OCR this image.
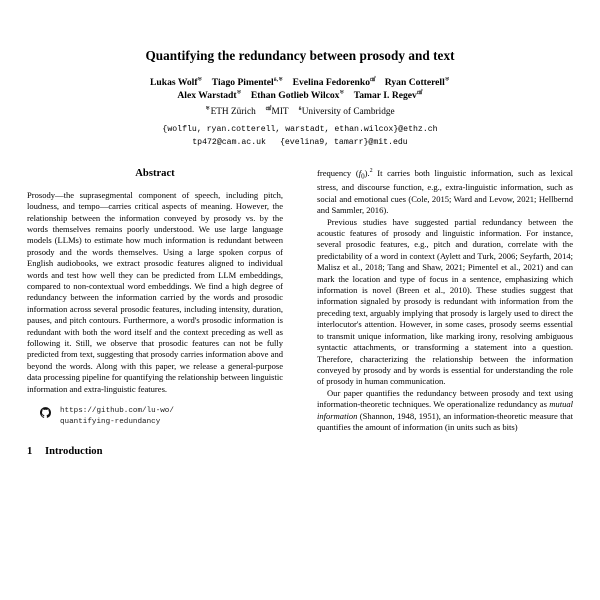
Quantifying the redundancy between prosody and text
Lukas Wolf♅ Tiago Pimentel$^{\delta,♅}$ Evelina Fedorenko㎠ Ryan Cotterell♅
Alex Warstadt♅ Ethan Gotlieb Wilcox♅ Tamar I. Regev㎠
♅ETH Zürich ㎠MIT $^\delta$University of Cambridge
{wolflu, ryan.cotterell, warstadt, ethan.wilcox}@ethz.ch
tp472@cam.ac.uk {evelina9, tamarr}@mit.edu
Abstract

Prosody—the suprasegmental component of speech, including pitch, loudness, and tempo—carries critical aspects of meaning. However, the relationship between the information conveyed by prosody vs. by the words themselves remains poorly understood. We use large language models (LLMs) to estimate how much information is redundant between prosody and the words themselves. Using a large spoken corpus of English audiobooks, we extract prosodic features aligned to individual words and test how well they can be predicted from LLM embeddings, compared to non-contextual word embeddings. We find a high degree of redundancy between the information carried by the words and prosodic information across several prosodic features, including intensity, duration, pauses, and pitch contours. Furthermore, a word's prosodic information is redundant with both the word itself and the context preceding as well as following it. Still, we observe that prosodic features can not be fully predicted from text, suggesting that prosody carries information above and beyond the words. Along with this paper, we release a general-purpose data processing pipeline for quantifying the relationship between linguistic information and extra-linguistic features.

https://github.com/lu-wo/
quantifying-redundancy
1	Introduction

frequency $(f_0).^2$ It carries both linguistic information, such as lexical stress, and discourse function, e.g., extra-linguistic information, such as social and emotional cues (Cole, 2015; Ward and Levow, 2021; Hellbernd and Sammler, 2016).

Previous studies have suggested partial redundancy between the acoustic features of prosody and linguistic information. For instance, several prosodic features, e.g., pitch and duration, correlate with the predictability of a word in context (Aylett and Turk, 2006; Seyfarth, 2014; Malisz et al., 2018; Tang and Shaw, 2021; Pimentel et al., 2021) and can mark the location and type of focus in a sentence, emphasizing which information is novel (Breen et al., 2010). These studies suggest that information signaled by prosody is redundant with information from the preceding text, arguably implying that prosody is largely used to direct the interlocutor's attention. However, in some cases, prosody seems essential to transmit unique information, like marking irony, resolving ambiguous syntactic attachments, or transforming a statement into a question. Therefore, characterizing the relationship between the information conveyed by prosody and by words is essential for understanding the role of prosody in human communication.

Our paper quantifies the redundancy between prosody and text using information-theoretic techniques. We operationalize redundancy as mutual information (Shannon, 1948, 1951), an information-theoretic measure that quantifies the amount of information (in units such as bits)
